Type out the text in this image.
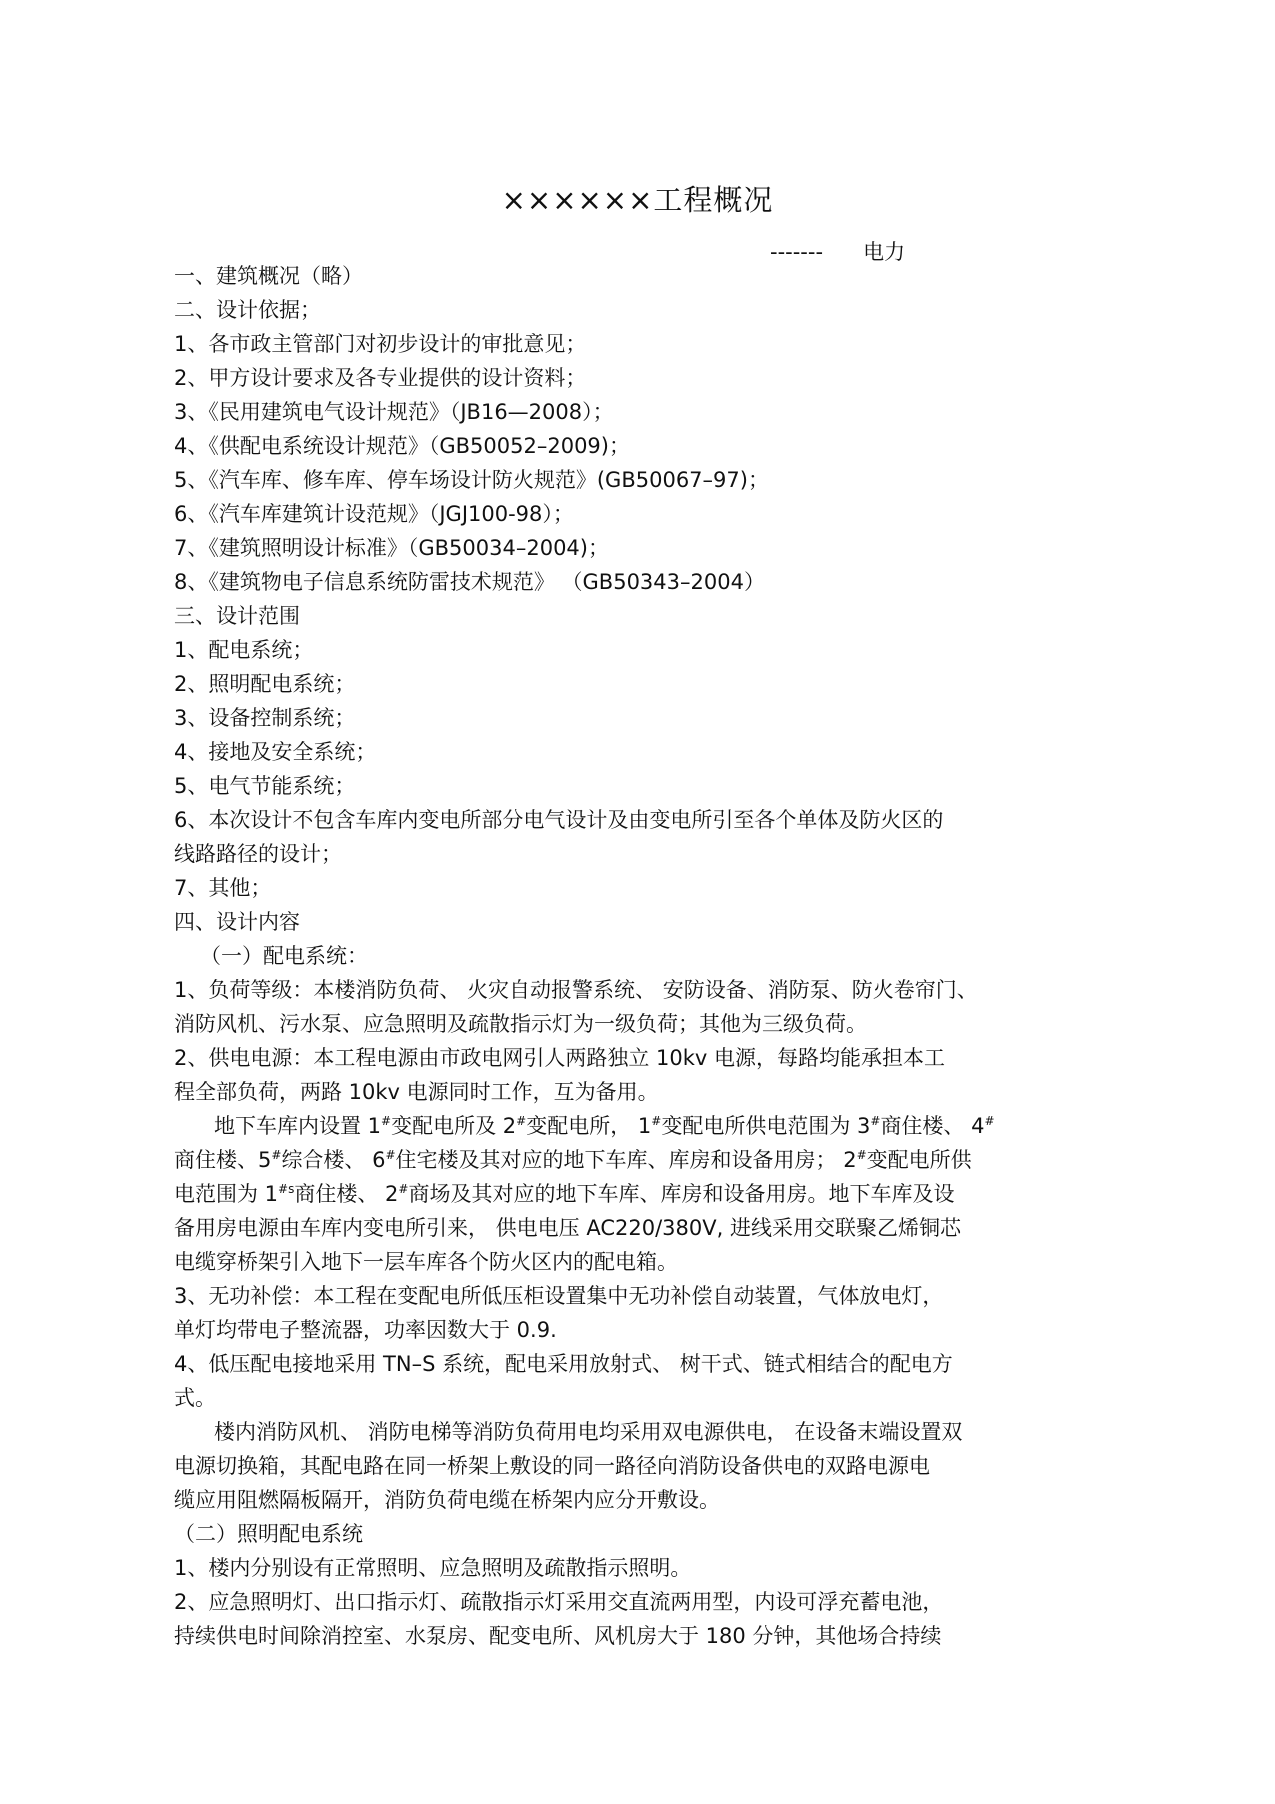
××××××工程概况
-------      电力
一、建筑概况（略）
二、设计依据；
1、各市政主管部门对初步设计的审批意见；
2、甲方设计要求及各专业提供的设计资料；
3、《民用建筑电气设计规范》（JB16—2008）；
4、《供配电系统设计规范》（GB50052–2009)；
5、《汽车库、修车库、停车场设计防火规范》(GB50067–97)；
6、《汽车库建筑计设范规》（JGJ100-98）；
7、《建筑照明设计标准》（GB50034–2004)；
8、《建筑物电子信息系统防雷技术规范》 （GB50343–2004）
三、设计范围
1、配电系统；
2、照明配电系统；
3、设备控制系统；
4、接地及安全系统；
5、电气节能系统；
6、本次设计不包含车库内变电所部分电气设计及由变电所引至各个单体及防火区的
线路路径的设计；
7、其他；
四、设计内容
（一）配电系统：
1、负荷等级：本楼消防负荷、 火灾自动报警系统、 安防设备、消防泵、防火卷帘门、
消防风机、污水泵、应急照明及疏散指示灯为一级负荷；其他为三级负荷。
2、供电电源：本工程电源由市政电网引人两路独立 10kv 电源，每路均能承担本工
程全部负荷，两路 10kv 电源同时工作，互为备用。
地下车库内设置 1#变配电所及 2#变配电所， 1#变配电所供电范围为 3#商住楼、 4#
商住楼、5#综合楼、 6#住宅楼及其对应的地下车库、库房和设备用房； 2#变配电所供
电范围为 1$^{\#s}$商住楼、 2#商场及其对应的地下车库、库房和设备用房。地下车库及设
备用房电源由车库内变电所引来， 供电电压 AC220/380V, 进线采用交联聚乙烯铜芯
电缆穿桥架引入地下一层车库各个防火区内的配电箱。
3、无功补偿：本工程在变配电所低压柜设置集中无功补偿自动装置，气体放电灯，
单灯均带电子整流器，功率因数大于 0.9.
4、低压配电接地采用 TN–S 系统，配电采用放射式、 树干式、链式相结合的配电方
式。
楼内消防风机、 消防电梯等消防负荷用电均采用双电源供电， 在设备末端设置双
电源切换箱，其配电路在同一桥架上敷设的同一路径向消防设备供电的双路电源电
缆应用阻燃隔板隔开，消防负荷电缆在桥架内应分开敷设。
（二）照明配电系统
1、楼内分别设有正常照明、应急照明及疏散指示照明。
2、应急照明灯、出口指示灯、疏散指示灯采用交直流两用型，内设可浮充蓄电池，
持续供电时间除消控室、水泵房、配变电所、风机房大于 180 分钟，其他场合持续
